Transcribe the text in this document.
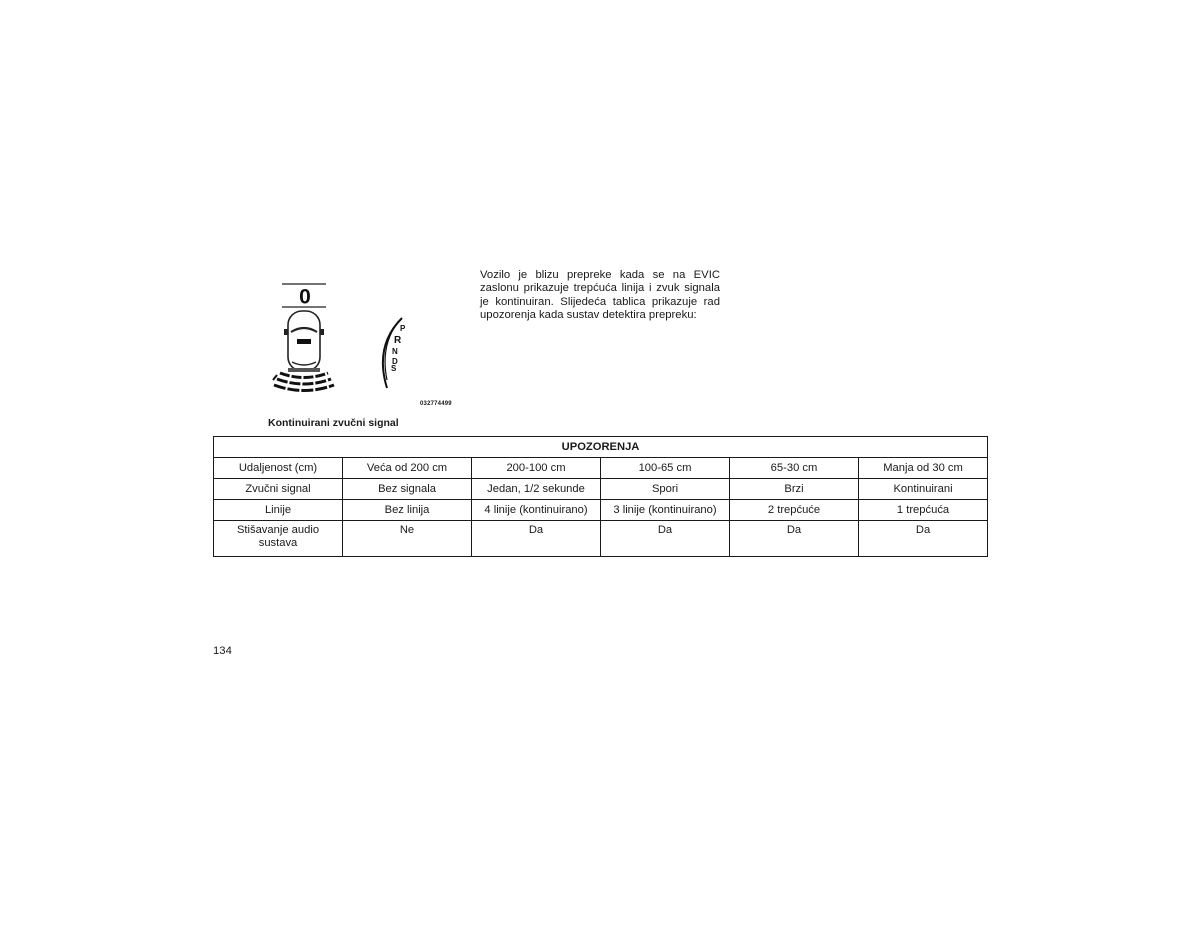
0
P
R
N
D
S
032774499
Kontinuirani zvučni signal
Vozilo je blizu prepreke kada se na EVIC zaslonu prikazuje trepćuća linija i zvuk signala je kontinuiran. Slijedeća tablica prikazuje rad upozorenja kada sustav detektira prepreku:
UPOZORENJA					
Udaljenost (cm)	Veća od 200 cm	200-100 cm	100-65 cm	65-30 cm	Manja od 30 cm
Zvučni signal	Bez signala	Jedan, 1/2 sekunde	Spori	Brzi	Kontinuirani
Linije	Bez linija	4 linije (kontinuirano)	3 linije (kontinuirano)	2 trepćuće	1 trepćuća
Stišavanje audio sustava	Ne	Da	Da	Da	Da
134
